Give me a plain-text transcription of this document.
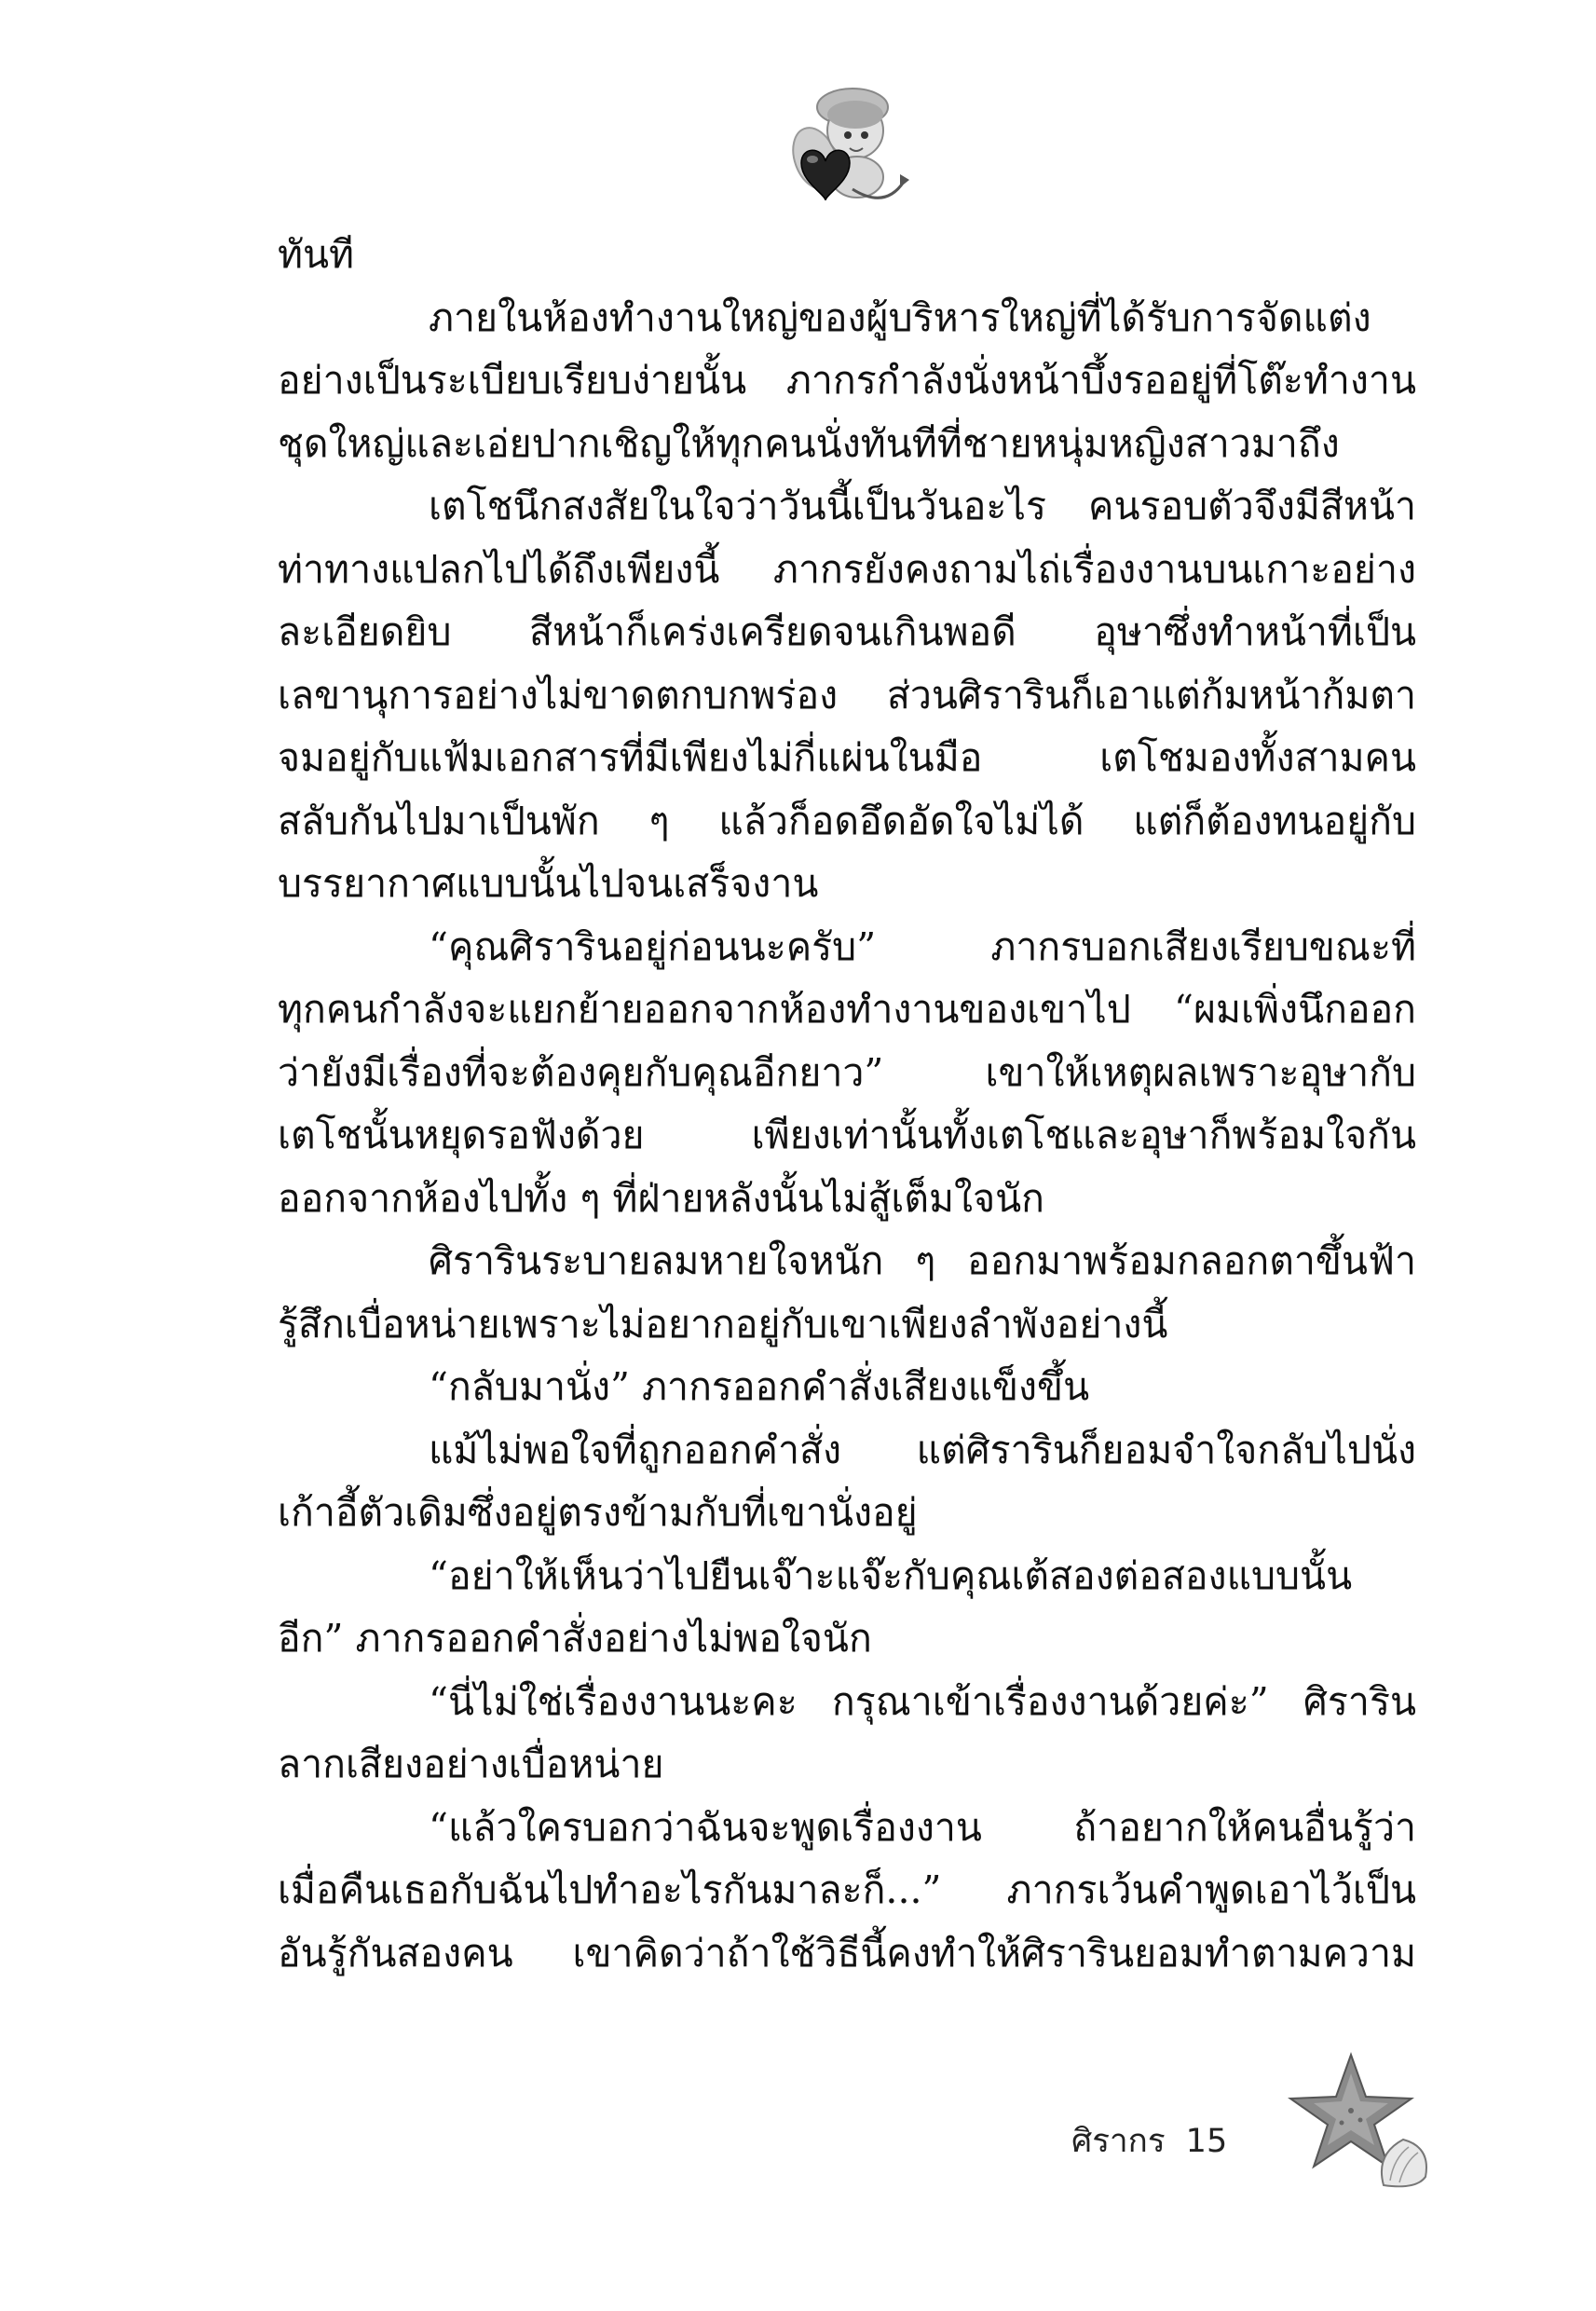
ทันที
ภายในห้องทำงานใหญ่ของผู้บริหารใหญ่ที่ได้รับการจัดแต่ง
อย่างเป็นระเบียบเรียบง่ายนั้น ภากรกำลังนั่งหน้าบึ้งรออยู่ที่โต๊ะทำงาน
ชุดใหญ่และเอ่ยปากเชิญให้ทุกคนนั่งทันทีที่ชายหนุ่มหญิงสาวมาถึง
เตโชนึกสงสัยในใจว่าวันนี้เป็นวันอะไร คนรอบตัวจึงมีสีหน้า
ท่าทางแปลกไปได้ถึงเพียงนี้ ภากรยังคงถามไถ่เรื่องงานบนเกาะอย่าง
ละเอียดยิบ สีหน้าก็เคร่งเครียดจนเกินพอดี อุษาซึ่งทำหน้าที่เป็น
เลขานุการอย่างไม่ขาดตกบกพร่อง ส่วนศิรารินก็เอาแต่ก้มหน้าก้มตา
จมอยู่กับแฟ้มเอกสารที่มีเพียงไม่กี่แผ่นในมือ เตโชมองทั้งสามคน
สลับกันไปมาเป็นพัก ๆ แล้วก็อดอึดอัดใจไม่ได้ แต่ก็ต้องทนอยู่กับ
บรรยากาศแบบนั้นไปจนเสร็จงาน
“คุณศิรารินอยู่ก่อนนะครับ” ภากรบอกเสียงเรียบขณะที่
ทุกคนกำลังจะแยกย้ายออกจากห้องทำงานของเขาไป “ผมเพิ่งนึกออก
ว่ายังมีเรื่องที่จะต้องคุยกับคุณอีกยาว” เขาให้เหตุผลเพราะอุษากับ
เตโชนั้นหยุดรอฟังด้วย เพียงเท่านั้นทั้งเตโชและอุษาก็พร้อมใจกัน
ออกจากห้องไปทั้ง ๆ ที่ฝ่ายหลังนั้นไม่สู้เต็มใจนัก
ศิรารินระบายลมหายใจหนัก ๆ ออกมาพร้อมกลอกตาขึ้นฟ้า
รู้สึกเบื่อหน่ายเพราะไม่อยากอยู่กับเขาเพียงลำพังอย่างนี้
“กลับมานั่ง” ภากรออกคำสั่งเสียงแข็งขึ้น
แม้ไม่พอใจที่ถูกออกคำสั่ง แต่ศิรารินก็ยอมจำใจกลับไปนั่ง
เก้าอี้ตัวเดิมซึ่งอยู่ตรงข้ามกับที่เขานั่งอยู่
“อย่าให้เห็นว่าไปยืนเจ๊าะแจ๊ะกับคุณเต้สองต่อสองแบบนั้น
อีก” ภากรออกคำสั่งอย่างไม่พอใจนัก
“นี่ไม่ใช่เรื่องงานนะคะ กรุณาเข้าเรื่องงานด้วยค่ะ” ศิราริน
ลากเสียงอย่างเบื่อหน่าย
“แล้วใครบอกว่าฉันจะพูดเรื่องงาน ถ้าอยากให้คนอื่นรู้ว่า
เมื่อคืนเธอกับฉันไปทำอะไรกันมาละก็...” ภากรเว้นคำพูดเอาไว้เป็น
อันรู้กันสองคน เขาคิดว่าถ้าใช้วิธีนี้คงทำให้ศิรารินยอมทำตามความ
ศิรากร 15
